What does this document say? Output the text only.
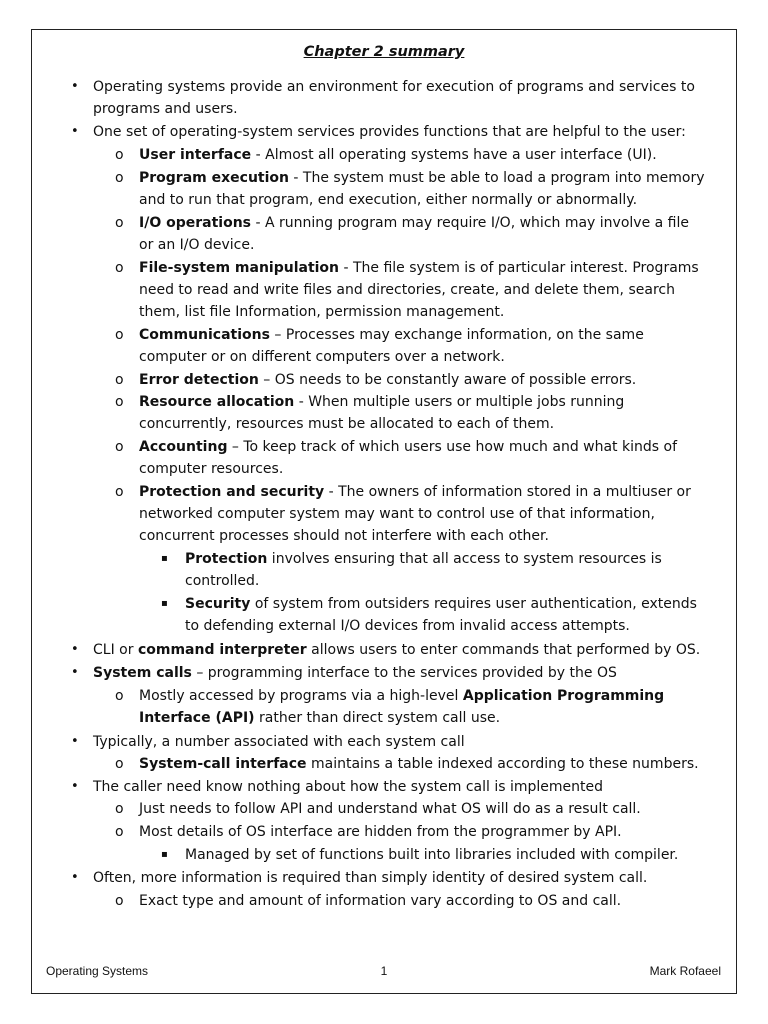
Chapter 2 summary
• Operating systems provide an environment for execution of programs and services to

programs and users.

• One set of operating-system services provides functions that are helpful to the user:

o User interface - Almost all operating systems have a user interface (UI).

o Program execution - The system must be able to load a program into memory

and to run that program, end execution, either normally or abnormally.

o I/O operations - A running program may require I/O, which may involve a file

or an I/O device.

o File-system manipulation - The file system is of particular interest. Programs

need to read and write files and directories, create, and delete them, search

them, list file Information, permission management.

o Communications – Processes may exchange information, on the same

computer or on different computers over a network.

o Error detection – OS needs to be constantly aware of possible errors.

o Resource allocation - When multiple users or multiple jobs running

concurrently, resources must be allocated to each of them.

o Accounting – To keep track of which users use how much and what kinds of

computer resources.

o Protection and security - The owners of information stored in a multiuser or

networked computer system may want to control use of that information,

concurrent processes should not interfere with each other.

▪ Protection involves ensuring that all access to system resources is

controlled.

▪ Security of system from outsiders requires user authentication, extends

to defending external I/O devices from invalid access attempts.

• CLI or command interpreter allows users to enter commands that performed by OS.

• System calls – programming interface to the services provided by the OS

o Mostly accessed by programs via a high-level Application Programming

Interface (API) rather than direct system call use.

• Typically, a number associated with each system call

o System-call interface maintains a table indexed according to these numbers.

• The caller need know nothing about how the system call is implemented

o Just needs to follow API and understand what OS will do as a result call.

o Most details of OS interface are hidden from the programmer by API.

▪ Managed by set of functions built into libraries included with compiler.

• Often, more information is required than simply identity of desired system call.

o Exact type and amount of information vary according to OS and call.

Operating Systems	1	Mark Rofaeel
